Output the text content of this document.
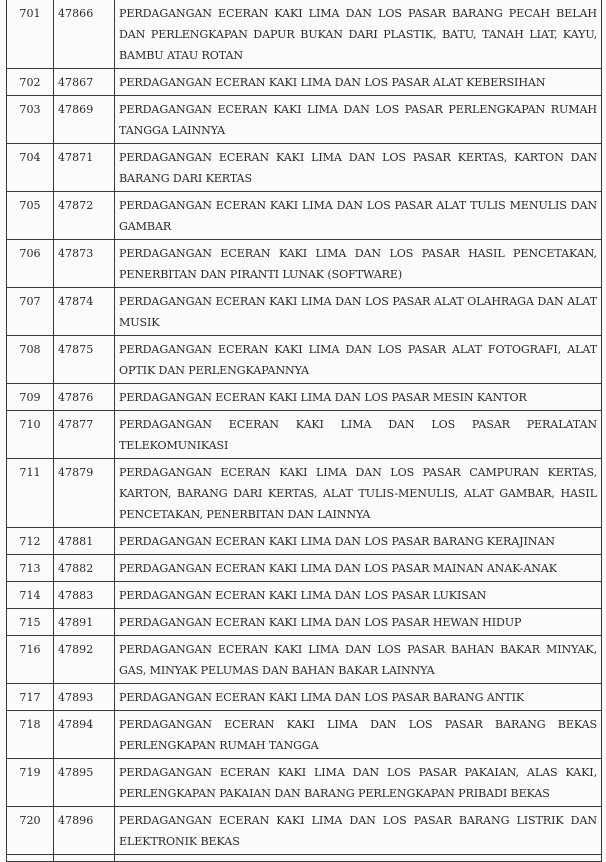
701	47866	PERDAGANGAN ECERAN KAKI LIMA DAN LOS PASAR BARANG PECAH BELAH DAN PERLENGKAPAN DAPUR BUKAN DARI PLASTIK, BATU, TANAH LIAT, KAYU, BAMBU ATAU ROTAN
702	47867	PERDAGANGAN ECERAN KAKI LIMA DAN LOS PASAR ALAT KEBERSIHAN
703	47869	PERDAGANGAN ECERAN KAKI LIMA DAN LOS PASAR PERLENGKAPAN RUMAH TANGGA LAINNYA
704	47871	PERDAGANGAN ECERAN KAKI LIMA DAN LOS PASAR KERTAS, KARTON DAN BARANG DARI KERTAS
705	47872	PERDAGANGAN ECERAN KAKI LIMA DAN LOS PASAR ALAT TULIS MENULIS DAN GAMBAR
706	47873	PERDAGANGAN ECERAN KAKI LIMA DAN LOS PASAR HASIL PENCETAKAN, PENERBITAN DAN PIRANTI LUNAK (SOFTWARE)
707	47874	PERDAGANGAN ECERAN KAKI LIMA DAN LOS PASAR ALAT OLAHRAGA DAN ALAT MUSIK
708	47875	PERDAGANGAN ECERAN KAKI LIMA DAN LOS PASAR ALAT FOTOGRAFI, ALAT OPTIK DAN PERLENGKAPANNYA
709	47876	PERDAGANGAN ECERAN KAKI LIMA DAN LOS PASAR MESIN KANTOR
710	47877	PERDAGANGAN ECERAN KAKI LIMA DAN LOS PASAR PERALATAN TELEKOMUNIKASI
711	47879	PERDAGANGAN ECERAN KAKI LIMA DAN LOS PASAR CAMPURAN KERTAS, KARTON, BARANG DARI KERTAS, ALAT TULIS-MENULIS, ALAT GAMBAR, HASIL PENCETAKAN, PENERBITAN DAN LAINNYA
712	47881	PERDAGANGAN ECERAN KAKI LIMA DAN LOS PASAR BARANG KERAJINAN
713	47882	PERDAGANGAN ECERAN KAKI LIMA DAN LOS PASAR MAINAN ANAK-ANAK
714	47883	PERDAGANGAN ECERAN KAKI LIMA DAN LOS PASAR LUKISAN
715	47891	PERDAGANGAN ECERAN KAKI LIMA DAN LOS PASAR HEWAN HIDUP
716	47892	PERDAGANGAN ECERAN KAKI LIMA DAN LOS PASAR BAHAN BAKAR MINYAK, GAS, MINYAK PELUMAS DAN BAHAN BAKAR LAINNYA
717	47893	PERDAGANGAN ECERAN KAKI LIMA DAN LOS PASAR BARANG ANTIK
718	47894	PERDAGANGAN ECERAN KAKI LIMA DAN LOS PASAR BARANG BEKAS PERLENGKAPAN RUMAH TANGGA
719	47895	PERDAGANGAN ECERAN KAKI LIMA DAN LOS PASAR PAKAIAN, ALAS KAKI, PERLENGKAPAN PAKAIAN DAN BARANG PERLENGKAPAN PRIBADI BEKAS
720	47896	PERDAGANGAN ECERAN KAKI LIMA DAN LOS PASAR BARANG LISTRIK DAN ELEKTRONIK BEKAS
